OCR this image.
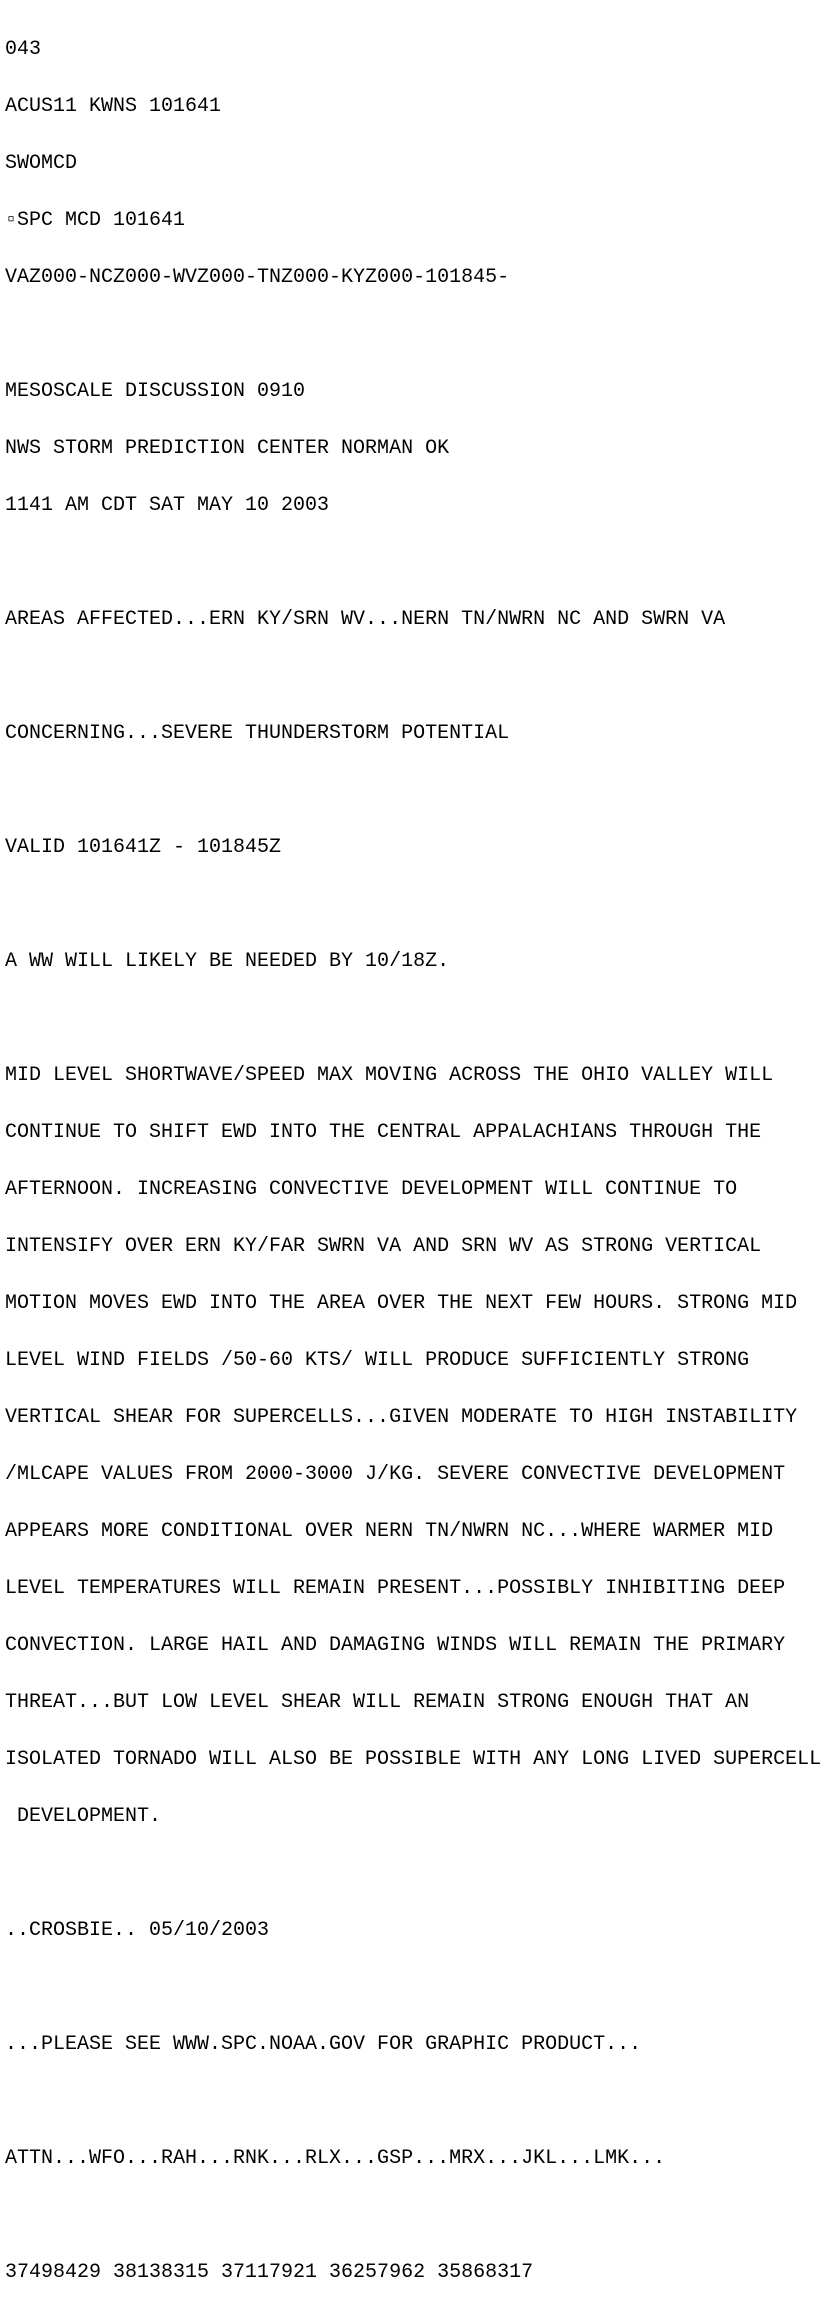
043

ACUS11 KWNS 101641

SWOMCD

▫SPC MCD 101641

VAZ000-NCZ000-WVZ000-TNZ000-KYZ000-101845-

MESOSCALE DISCUSSION 0910

NWS STORM PREDICTION CENTER NORMAN OK

1141 AM CDT SAT MAY 10 2003

AREAS AFFECTED...ERN KY/SRN WV...NERN TN/NWRN NC AND SWRN VA

CONCERNING...SEVERE THUNDERSTORM POTENTIAL

VALID 101641Z - 101845Z

A WW WILL LIKELY BE NEEDED BY 10/18Z.

MID LEVEL SHORTWAVE/SPEED MAX MOVING ACROSS THE OHIO VALLEY WILL

CONTINUE TO SHIFT EWD INTO THE CENTRAL APPALACHIANS THROUGH THE

AFTERNOON. INCREASING CONVECTIVE DEVELOPMENT WILL CONTINUE TO

INTENSIFY OVER ERN KY/FAR SWRN VA AND SRN WV AS STRONG VERTICAL

MOTION MOVES EWD INTO THE AREA OVER THE NEXT FEW HOURS. STRONG MID

LEVEL WIND FIELDS /50-60 KTS/ WILL PRODUCE SUFFICIENTLY STRONG

VERTICAL SHEAR FOR SUPERCELLS...GIVEN MODERATE TO HIGH INSTABILITY

/MLCAPE VALUES FROM 2000-3000 J/KG. SEVERE CONVECTIVE DEVELOPMENT

APPEARS MORE CONDITIONAL OVER NERN TN/NWRN NC...WHERE WARMER MID

LEVEL TEMPERATURES WILL REMAIN PRESENT...POSSIBLY INHIBITING DEEP

CONVECTION. LARGE HAIL AND DAMAGING WINDS WILL REMAIN THE PRIMARY

THREAT...BUT LOW LEVEL SHEAR WILL REMAIN STRONG ENOUGH THAT AN

ISOLATED TORNADO WILL ALSO BE POSSIBLE WITH ANY LONG LIVED SUPERCELL

DEVELOPMENT.

..CROSBIE.. 05/10/2003

...PLEASE SEE WWW.SPC.NOAA.GOV FOR GRAPHIC PRODUCT...

ATTN...WFO...RAH...RNK...RLX...GSP...MRX...JKL...LMK...

37498429 38138315 37117921 36257962 35868317
